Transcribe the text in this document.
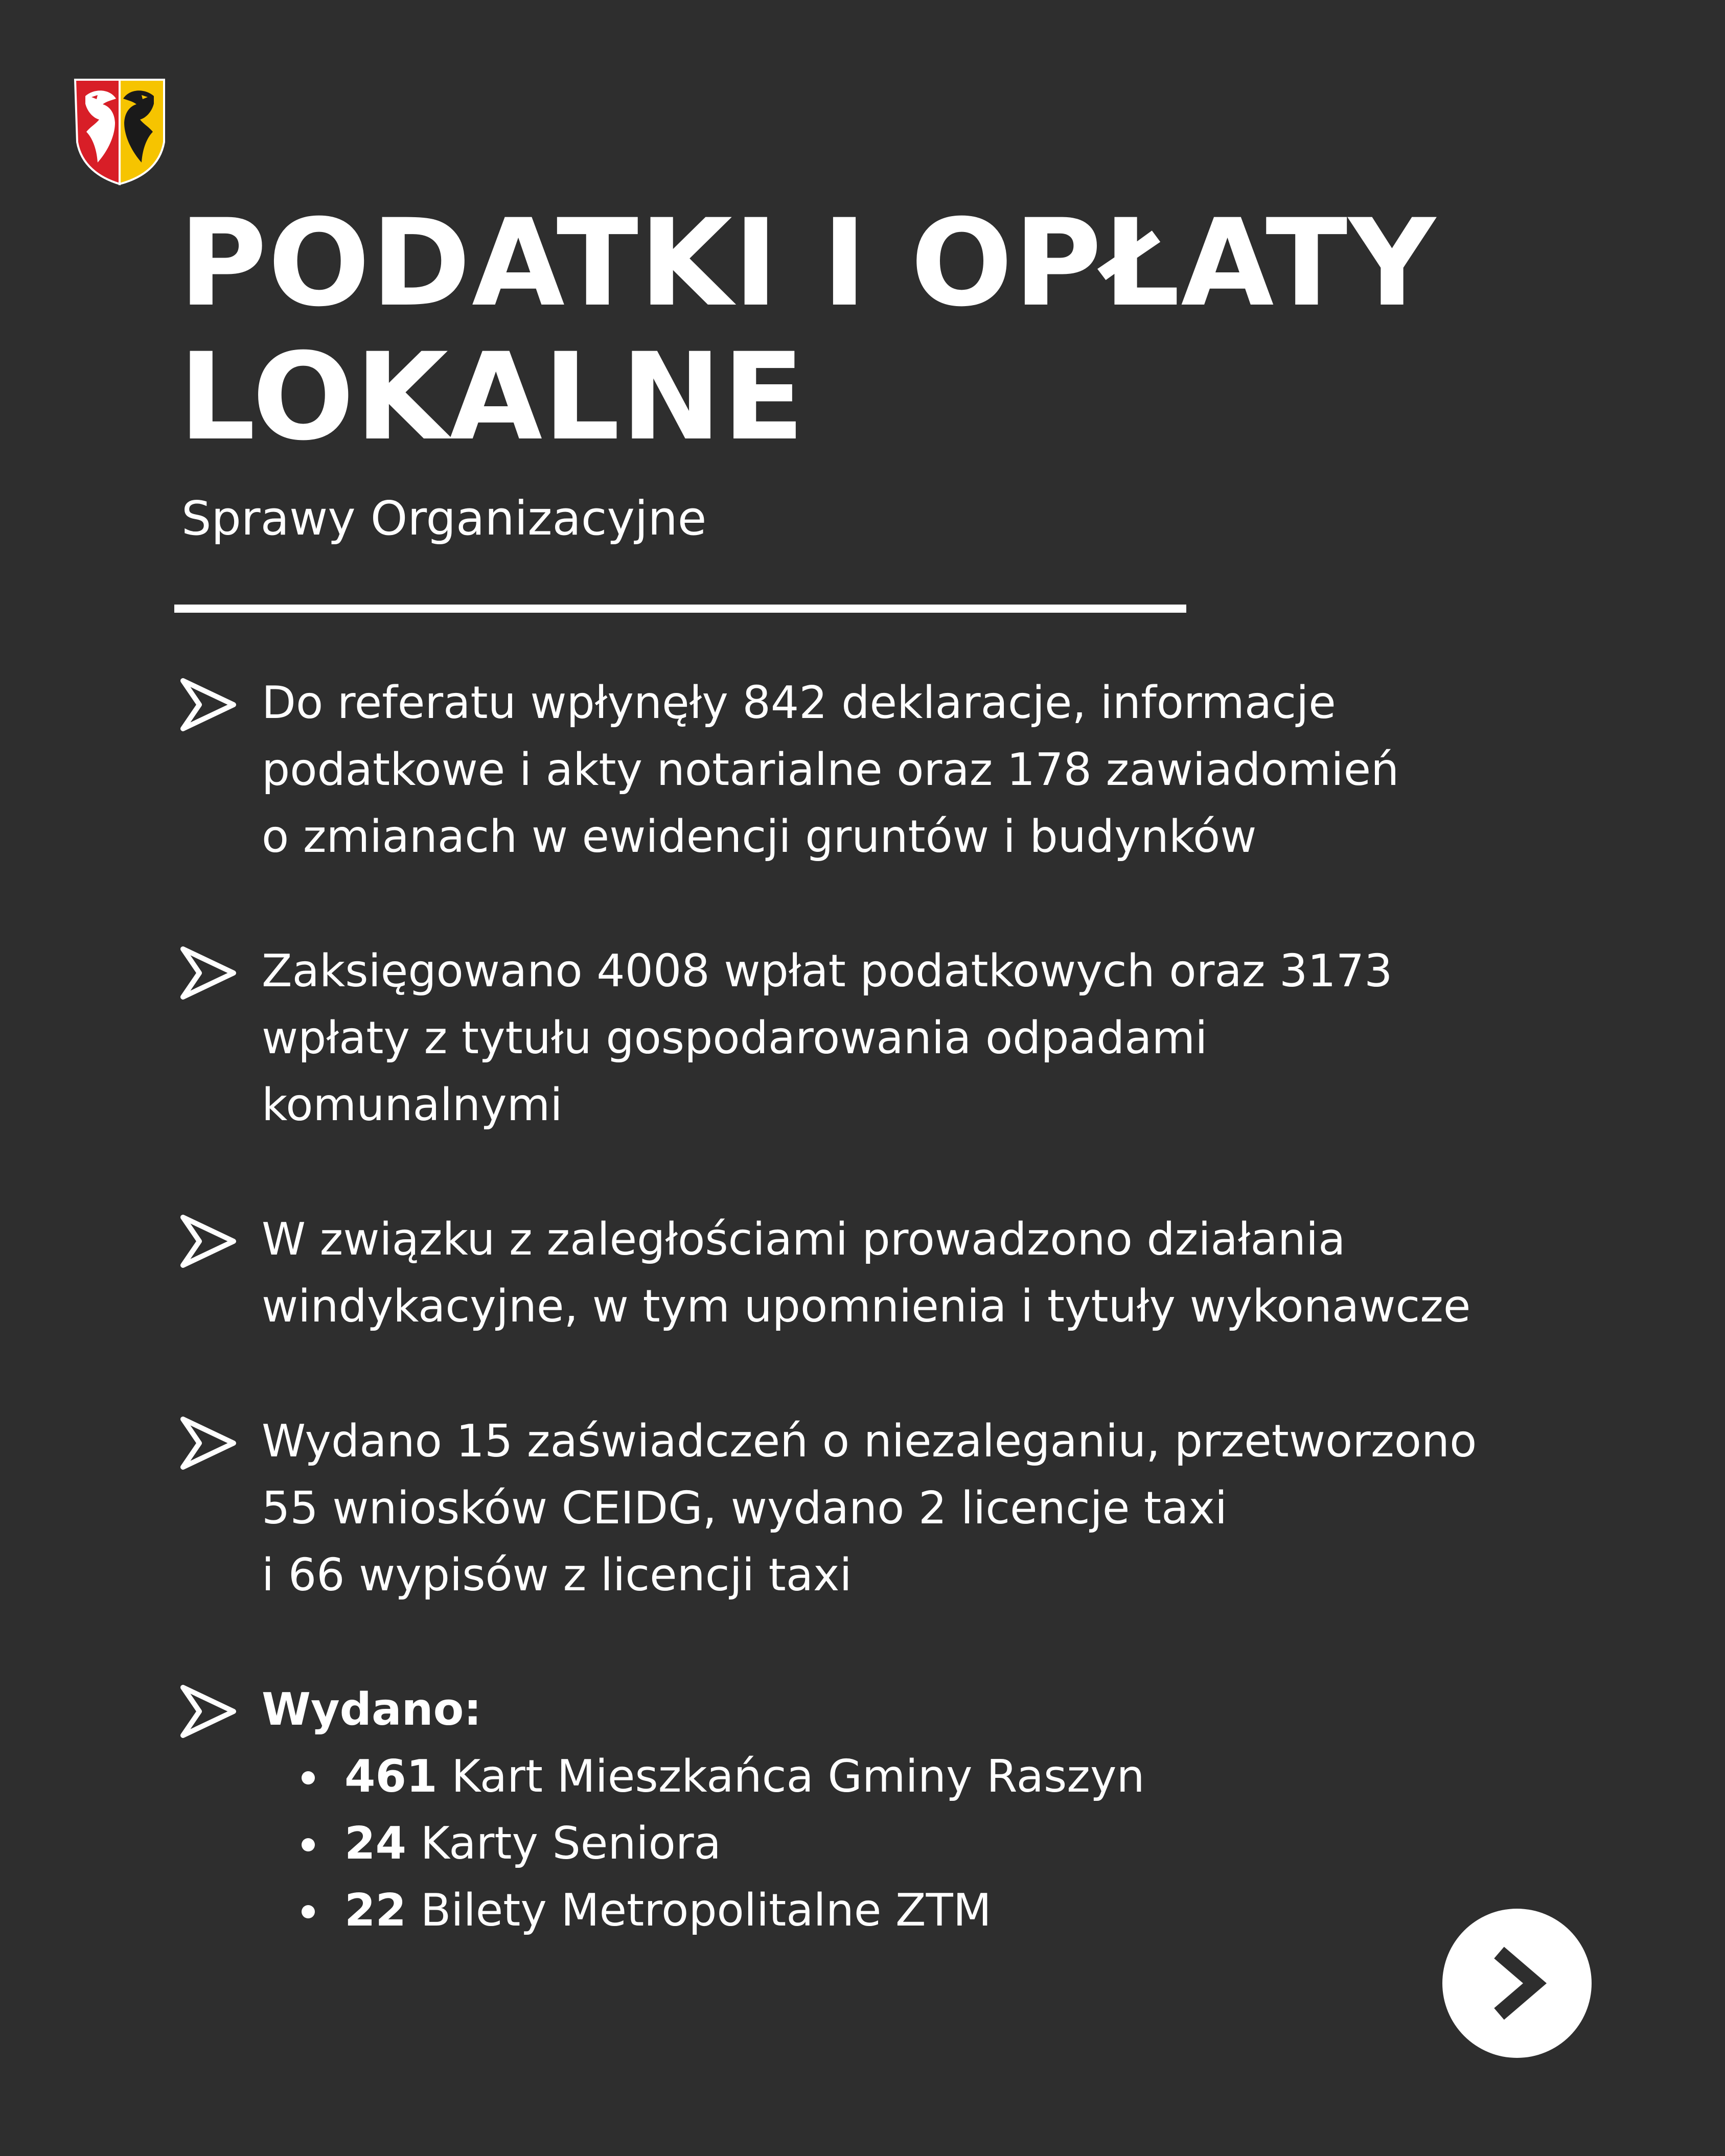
PODATKI I OPŁATY
LOKALNE
Sprawy Organizacyjne
Do referatu wpłynęły 842 deklaracje, informacje
podatkowe i akty notarialne oraz 178 zawiadomień
o zmianach w ewidencji gruntów i budynków
Zaksięgowano 4008 wpłat podatkowych oraz 3173
wpłaty z tytułu gospodarowania odpadami
komunalnymi
W związku z zaległościami prowadzono działania
windykacyjne, w tym upomnienia i tytuły wykonawcze
Wydano 15 zaświadczeń o niezaleganiu, przetworzono
55 wniosków CEIDG, wydano 2 licencje taxi
i 66 wypisów z licencji taxi
Wydano:
461 Kart Mieszkańca Gminy Raszyn
24 Karty Seniora
22 Bilety Metropolitalne ZTM
